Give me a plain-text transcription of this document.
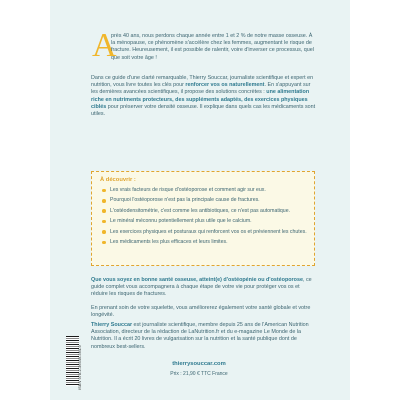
A

près 40 ans, nous perdons chaque année entre 1 et 2 % de notre masse osseuse. À la ménopause, ce phénomène s'accélère chez les femmes, augmentant le risque de fracture. Heureusement, il est possible de ralentir, voire d'inverser ce processus, quel que soit votre âge !

Dans ce guide d'une clarté remarquable, Thierry Souccar, journaliste scientifique et expert en nutrition, vous livre toutes les clés pour renforcer vos os naturellement. En s'appuyant sur les dernières avancées scientifiques, il propose des solutions concrètes : une alimentation riche en nutriments protecteurs, des suppléments adaptés, des exercices physiques ciblés pour préserver votre densité osseuse. Il explique dans quels cas les médicaments sont utiles.

À découvrir :
Les vrais facteurs de risque d'ostéoporose et comment agir sur eux.
Pourquoi l'ostéoporose n'est pas la principale cause de fractures.
L'ostéodensitométrie, c'est comme les antibiotiques, ce n'est pas automatique.
Le minéral méconnu potentiellement plus utile que le calcium.
Les exercices physiques et posturaux qui renforcent vos os et préviennent les chutes.
Les médicaments les plus efficaces et leurs limites.

Que vous soyez en bonne santé osseuse, atteint(e) d'ostéopénie ou d'ostéoporose, ce guide complet vous accompagnera à chaque étape de votre vie pour protéger vos os et réduire les risques de fractures.

En prenant soin de votre squelette, vous améliorerez également votre santé globale et votre longévité.

Thierry Souccar est journaliste scientifique, membre depuis 25 ans de l'American Nutrition Association, directeur de la rédaction de LaNutrition.fr et du e-magazine Le Monde de la Nutrition. Il a écrit 20 livres de vulgarisation sur la nutrition et la santé publique dont de nombreux best-sellers.

ISBN 978-2-36549-564-9	thierrysouccar.com
Prix : 21,90 € TTC France
